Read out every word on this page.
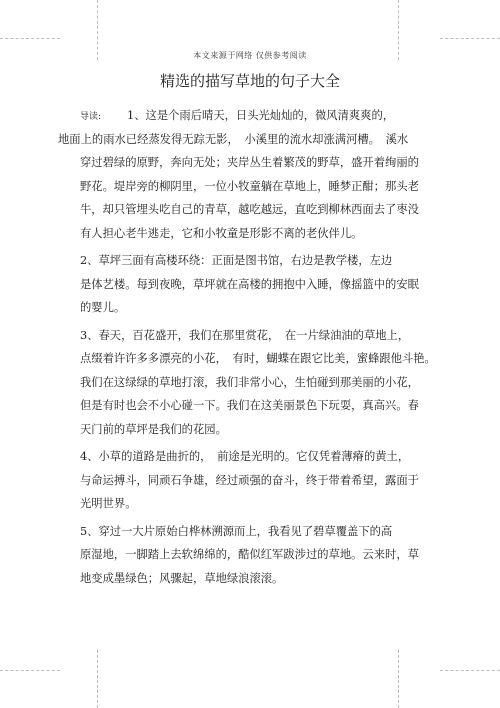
本文来源于网络 仅供参考阅读
精选的描写草地的句子大全
导读: 1、这是个雨后晴天，日头光灿灿的，微风清爽爽的，
地面上的雨水已经蒸发得无踪无影，　小溪里的流水却涨满河槽。　溪水
穿过碧绿的原野，奔向无处；夹岸丛生着繁茂的野草，盛开着绚丽的
野花。堤岸旁的柳阴里，一位小牧童躺在草地上，睡梦正酣；那头老
牛，却只管埋头吃自己的青草，越吃越远，直吃到柳林西面去了枣没
有人担心老牛逃走，它和小牧童是形影不离的老伙伴儿。
2、草坪三面有高楼环绕：正面是图书馆，右边是教学楼，左边
是体艺楼。每到夜晚，草坪就在高楼的拥抱中入睡，像摇篮中的安眠
的婴儿。
3、春天，百花盛开，我们在那里赏花，　在一片绿油油的草地上，
点缀着许许多多漂亮的小花，　有时，蝴蝶在跟它比美，蜜蜂跟他斗艳。
我们在这绿绿的草地打滚，我们非常小心，生怕碰到那美丽的小花，
但是有时也会不小心碰一下。我们在这美丽景色下玩耍，真高兴。春
天门前的草坪是我们的花园。
4、小草的道路是曲折的，　前途是光明的。它仅凭着薄瘠的黄土，
与命运搏斗，同顽石争雄，经过顽强的奋斗，终于带着希望，露面于
光明世界。
5、穿过一大片原始白桦林溯源而上，我看见了碧草覆盖下的高
原湿地，一脚踏上去软绵绵的，酷似红军跋涉过的草地。云来时，草
地变成墨绿色；风骤起，草地绿浪滚滚。
